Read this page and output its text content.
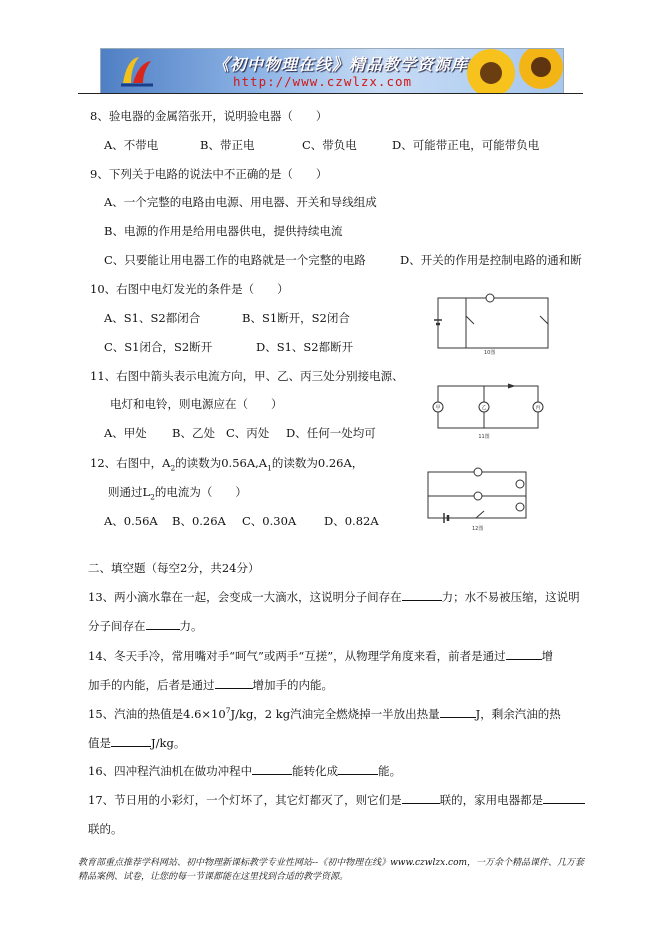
《初中物理在线》精品教学资源库
http://www.czwlzx.com
8、验电器的金属箔张开，说明验电器（　　）
A、不带电	B、带正电	C、带负电	D、可能带正电，可能带负电
9、下列关于电路的说法中不正确的是（　　）
A、一个完整的电路由电源、用电器、开关和导线组成
B、电源的作用是给用电器供电，提供持续电流
C、只要能让用电器工作的电路就是一个完整的电路	D、开关的作用是控制电路的通和断
10、右图中电灯发光的条件是（　　）
A、S1、S2都闭合	B、S1断开，S2闭合
C、S1闭合，S2断开	D、S1、S2都断开	10图
11、右图中箭头表示电流方向，甲、乙、丙三处分别接电源、
电灯和电铃，则电源应在（　　）
A、甲处 B、乙处 C、丙处 D、任何一处均可
甲	乙	丙
11图
12、右图中，$A_2$的读数为$0.56A,A_1$的读数为0.26A，
则通过$L_2$的电流为（　　）
A、0.56A B、0.26A C、0.30A D、0.82A
12图
二、填空题（每空2分，共24分）
13、两小滴水靠在一起，会变成一大滴水，这说明分子间存在	力；水不易被压缩，这说明
分子间存在	力。
14、冬天手冷，常用嘴对手“呵气”或两手“互搓”，从物理学角度来看，前者是通过	增
加手的内能，后者是通过	增加手的内能。
15、汽油的热值是$4.6\times 10^7J/kg$，2 kg汽油完全燃烧掉一半放出热量	J，剩余汽油的热
值是	J/kg。
16、四冲程汽油机在做功冲程中	能转化成	能。
17、节日用的小彩灯，一个灯坏了，其它灯都灭了，则它们是	联的，家用电器都是
联的。
教育部重点推荐学科网站、初中物理新课标教学专业性网站--《初中物理在线》www.czwlzx.com，一万余个精品课件、几万套精品案例、试卷，让您的每一节课都能在这里找到合适的教学资源。
